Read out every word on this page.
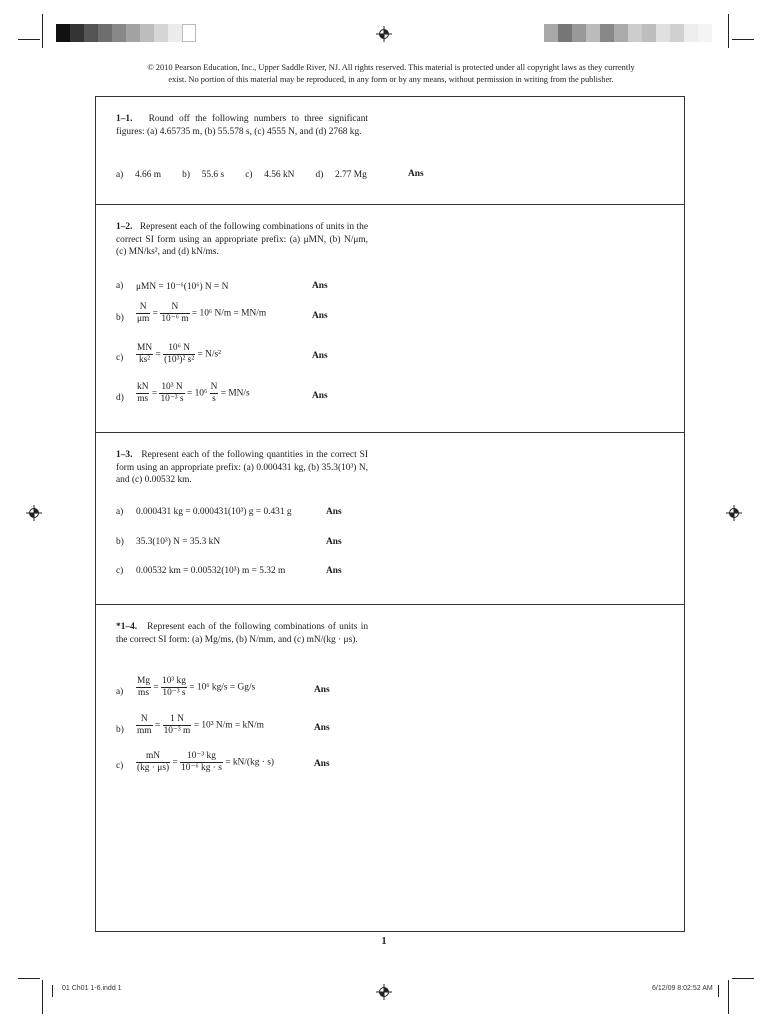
© 2010 Pearson Education, Inc., Upper Saddle River, NJ. All rights reserved. This material is protected under all copyright laws as they currently
exist. No portion of this material may be reproduced, in any form or by any means, without permission in writing from the publisher.
1–1. Round off the following numbers to three significant figures: (a) 4.65735 m, (b) 55.578 s, (c) 4555 N, and (d) 2768 kg.
a) 4.66 m b) 55.6 s c) 4.56 kN d) 2.77 Mg	Ans
1–2. Represent each of the following combinations of units in the correct SI form using an appropriate prefix: (a) μMN, (b) N/μm, (c) MN/ks², and (d) kN/ms.
a) μMN = 10⁻⁶(10⁶) N = N	Ans
$b) \frac{N}{\mu m} = \frac{N}{\text{10⁻⁶ m}} = 10^6$ N/m = MN/m	Ans
$c) \frac{MN}{\text{ks²}} = \frac{\text{10⁶ N}}{\text{(10³)² s²}} = N/s^2$	Ans
$d) \frac{kN}{ms} = \frac{\text{10³ N}}{\text{10⁻³ s}} = 10^6 \frac{N}{s} = MN/s$	Ans
1–3. Represent each of the following quantities in the correct SI form using an appropriate prefix: (a) 0.000431 kg, (b) 35.3(10³) N, and (c) 0.00532 km.
a) 0.000431 kg = 0.000431(10³) g = 0.431 g	Ans
b) 35.3(10³) N = 35.3 kN	Ans
c) 0.00532 km = 0.00532(10³) m = 5.32 m	Ans
*1–4. Represent each of the following combinations of units in the correct SI form: (a) Mg/ms, (b) N/mm, and (c) mN/(kg · μs).
$a) \frac{Mg}{ms} = \frac{\text{10³ kg}}{\text{10⁻³ s}} = 10^6$ kg/s = Gg/s	Ans
$b) \frac{N}{mm} = \frac{1 N}{\text{10⁻³ m}} = 10^3$ N/m = kN/m	Ans
$c) \frac{mN}{(kg \cdot \mu s)} = \frac{\text{10⁻³ kg}}{\text{10⁻⁶ kg · s}} = kN/(kg \cdot s)$	Ans
1
01 Ch01 1-6.indd 1	6/12/09 8:02:52 AM
